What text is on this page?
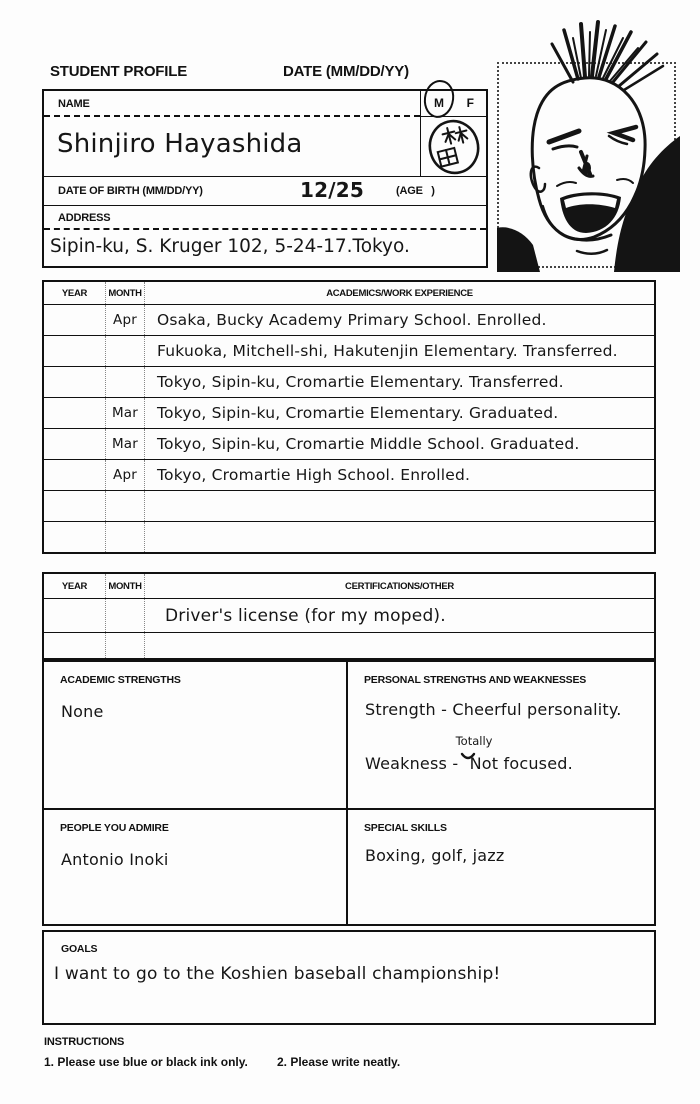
STUDENT PROFILE	DATE (MM/DD/YY)
NAME	M F
Shinjiro Hayashida
DATE OF BIRTH (MM/DD/YY)	12/25	(AGE   )
ADDRESS
Sipin-ku, S. Kruger 102, 5-24-17.Tokyo.
YEAR MONTH	ACADEMICS/WORK EXPERIENCE
Apr Osaka, Bucky Academy Primary School. Enrolled.
Fukuoka, Mitchell-shi, Hakutenjin Elementary. Transferred.
Tokyo, Sipin-ku, Cromartie Elementary. Transferred.
Mar Tokyo, Sipin-ku, Cromartie Elementary. Graduated.
Mar Tokyo, Sipin-ku, Cromartie Middle School. Graduated.
Apr Tokyo, Cromartie High School. Enrolled.
YEAR MONTH	CERTIFICATIONS/OTHER
Driver's license (for my moped).
ACADEMIC STRENGTHS
None
PERSONAL STRENGTHS AND WEAKNESSES
Strength - Cheerful personality.
Weakness -
Totally
Not focused.
PEOPLE YOU ADMIRE
Antonio Inoki
SPECIAL SKILLS
Boxing, golf, jazz
GOALS
I want to go to the Koshien baseball championship!
INSTRUCTIONS
1. Please use blue or black ink only. 2. Please write neatly.
